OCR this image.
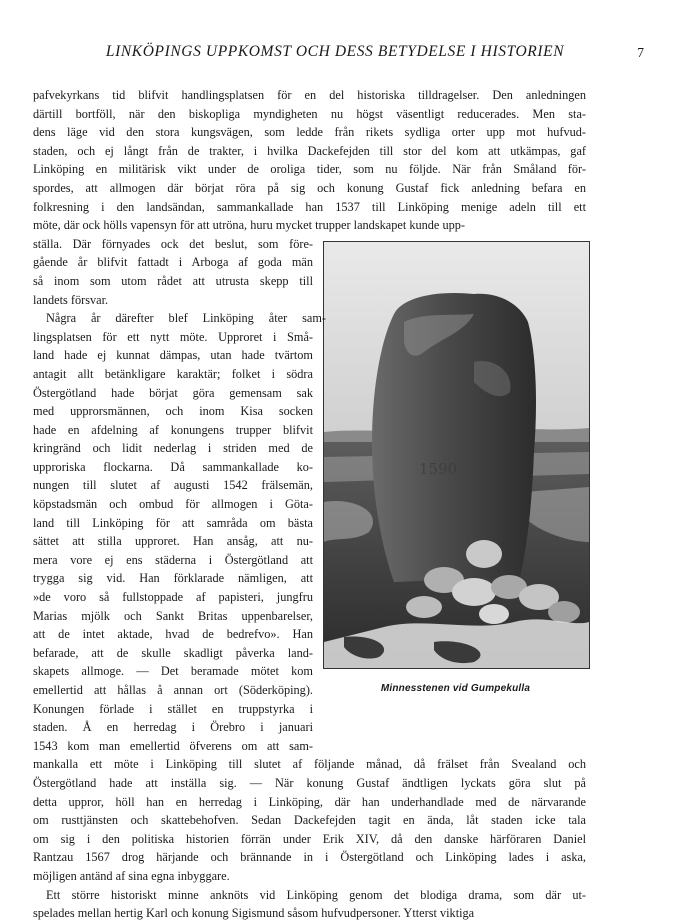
LINKÖPINGS UPPKOMST OCH DESS BETYDELSE I HISTORIEN	7
1590
Minnesstenen vid Gumpekulla
pafvekyrkans tid blifvit handlingsplatsen för en del historiska tilldragelser. Den anledningen
därtill bortföll, när den biskopliga myndigheten nu högst väsentligt reducerades. Men sta-
dens läge vid den stora kungsvägen, som ledde från rikets sydliga orter upp mot hufvud-
staden, och ej långt från de trakter, i hvilka Dackefejden till stor del kom att utkämpas, gaf
Linköping en militärisk vikt under de oroliga tider, som nu följde. När från Småland för-
spordes, att allmogen där börjat röra på sig och konung Gustaf fick anledning befara en
folkresning i den landsändan, sammankallade han 1537 till Linköping menige adeln till ett
möte, där ock hölls vapensyn för att utröna, huru mycket trupper landskapet kunde upp-
ställa. Där förnyades ock det beslut, som före-
gående år blifvit fattadt i Arboga af goda män
så inom som utom rådet att utrusta skepp till
landets försvar.
Några år därefter blef Linköping åter sam-
lingsplatsen för ett nytt möte. Upproret i Små-
land hade ej kunnat dämpas, utan hade tvärtom
antagit allt betänkligare karaktär; folket i södra
Östergötland hade börjat göra gemensam sak
med upprorsmännen, och inom Kisa socken
hade en afdelning af konungens trupper blifvit
kringränd och lidit nederlag i striden med de
upproriska flockarna. Då sammankallade ko-
nungen till slutet af augusti 1542 frälsemän,
köpstadsmän och ombud för allmogen i Göta-
land till Linköping för att samråda om bästa
sättet att stilla upproret. Han ansåg, att nu-
mera vore ej ens städerna i Östergötland att
trygga sig vid. Han förklarade nämligen, att
»de voro så fullstoppade af papisteri, jungfru
Marias mjölk och Sankt Britas uppenbarelser,
att de intet aktade, hvad de bedrefvo». Han
befarade, att de skulle skadligt påverka land-
skapets allmoge. — Det beramade mötet kom
emellertid att hållas å annan ort (Söderköping).
Konungen förlade i stället en truppstyrka i
staden. Å en herredag i Örebro i januari
1543 kom man emellertid öfverens om att sam-
mankalla ett möte i Linköping till slutet af följande månad, då frälset från Svealand och
Östergötland hade att inställa sig. — När konung Gustaf ändtligen lyckats göra slut på
detta uppror, höll han en herredag i Linköping, där han underhandlade med de närvarande
om rusttjänsten och skattebehofven. Sedan Dackefejden tagit en ända, låt staden icke tala
om sig i den politiska historien förrän under Erik XIV, då den danske härföraren Daniel
Rantzau 1567 drog härjande och brännande in i Östergötland och Linköping lades i aska,
möjligen antänd af sina egna inbyggare.
Ett större historiskt minne anknöts vid Linköping genom det blodiga drama, som där ut-
spelades mellan hertig Karl och konung Sigismund såsom hufvudpersoner. Ytterst viktiga
